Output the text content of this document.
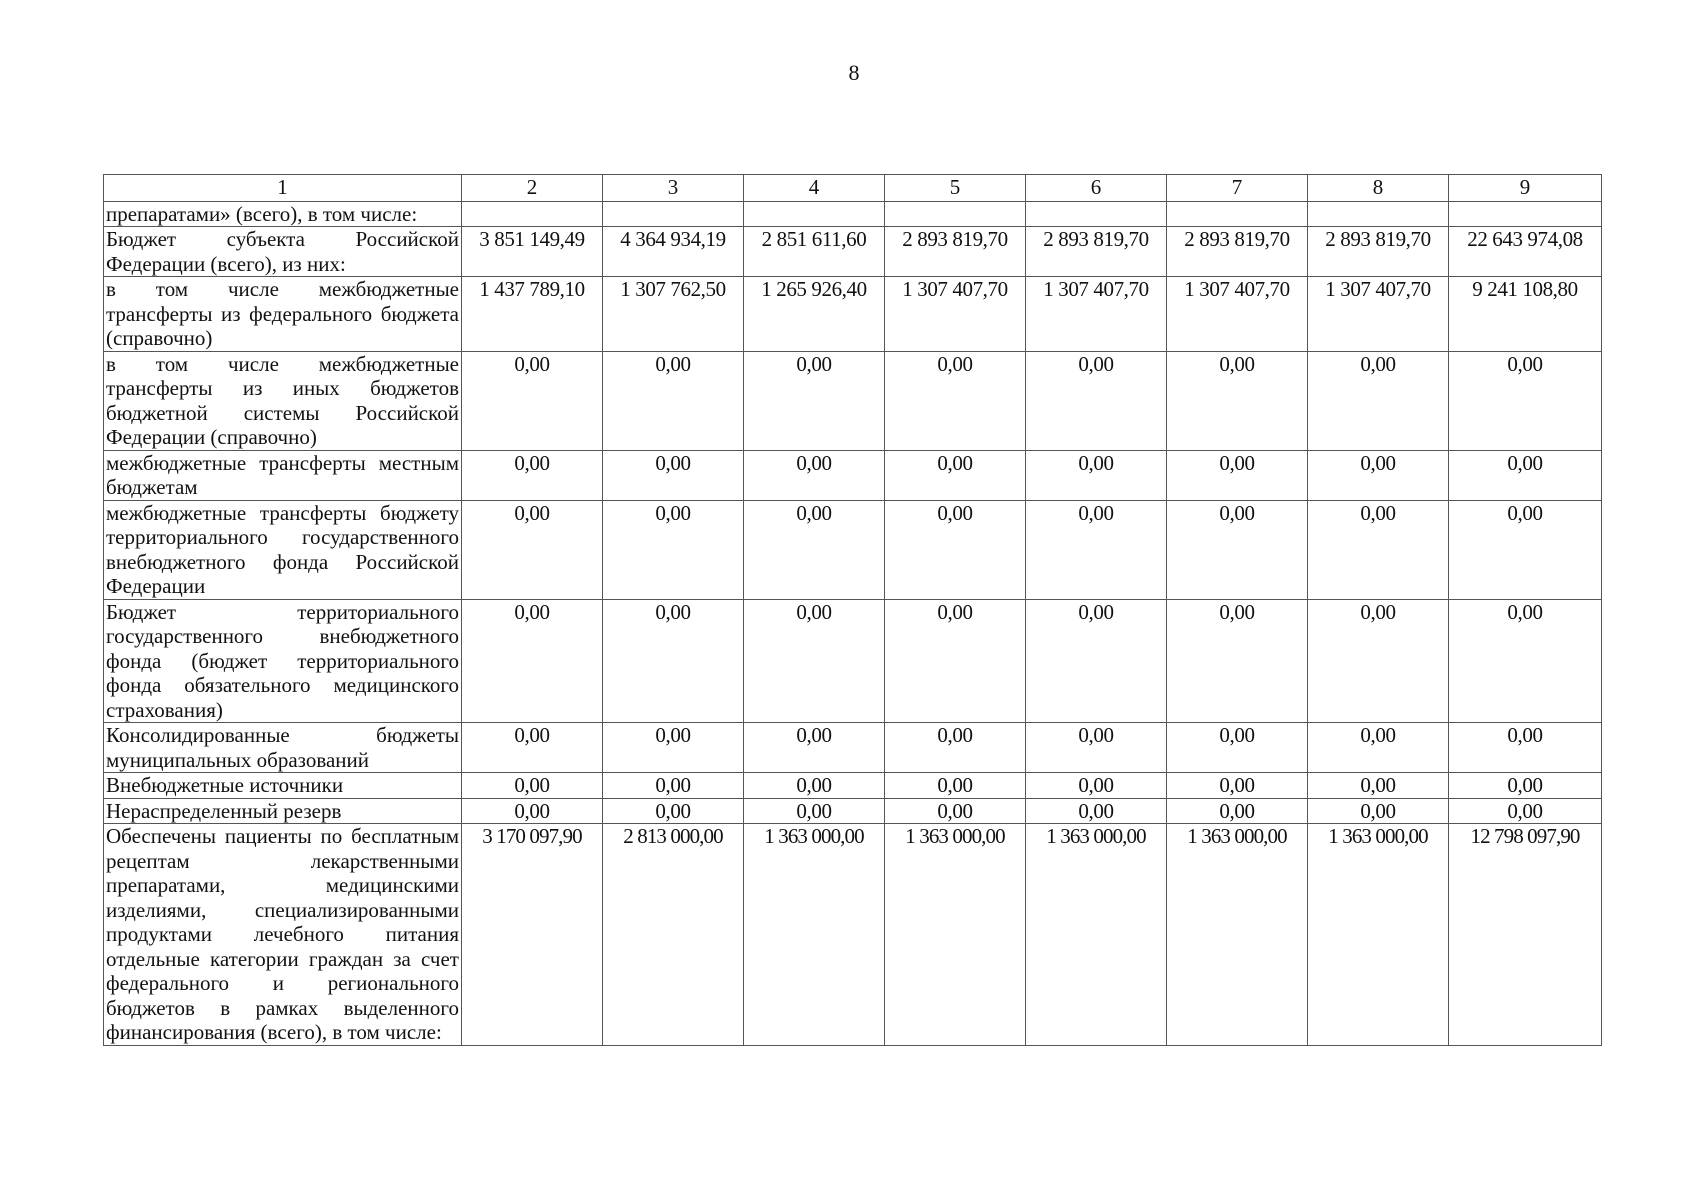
8
1	2	3	4	5	6	7	8	9
препаратами» (всего), в том числе:								
Бюджет субъекта Российской Федерации (всего), из них:	3 851 149,49	4 364 934,19	2 851 611,60	2 893 819,70	2 893 819,70	2 893 819,70	2 893 819,70	22 643 974,08
в том числе межбюджетные трансферты из федерального бюджета (справочно)	1 437 789,10	1 307 762,50	1 265 926,40	1 307 407,70	1 307 407,70	1 307 407,70	1 307 407,70	9 241 108,80
в том числе межбюджетные трансферты из иных бюджетов бюджетной системы Российской Федерации (справочно)	0,00	0,00	0,00	0,00	0,00	0,00	0,00	0,00
межбюджетные трансферты местным бюджетам	0,00	0,00	0,00	0,00	0,00	0,00	0,00	0,00
межбюджетные трансферты бюджету территориального государственного внебюджетного фонда Российской Федерации	0,00	0,00	0,00	0,00	0,00	0,00	0,00	0,00
Бюджет территориального государственного внебюджетного фонда (бюджет территориального фонда обязательного медицинского страхования)	0,00	0,00	0,00	0,00	0,00	0,00	0,00	0,00
Консолидированные бюджеты муниципальных образований	0,00	0,00	0,00	0,00	0,00	0,00	0,00	0,00
Внебюджетные источники	0,00	0,00	0,00	0,00	0,00	0,00	0,00	0,00
Нераспределенный резерв	0,00	0,00	0,00	0,00	0,00	0,00	0,00	0,00
Обеспечены пациенты по бесплатным рецептам лекарственными препаратами, медицинскими изделиями, специализированными продуктами лечебного питания отдельные категории граждан за счет федерального и регионального бюджетов в рамках выделенного финансирования (всего), в том числе:	3 170 097,90	2 813 000,00	1 363 000,00	1 363 000,00	1 363 000,00	1 363 000,00	1 363 000,00	12 798 097,90
